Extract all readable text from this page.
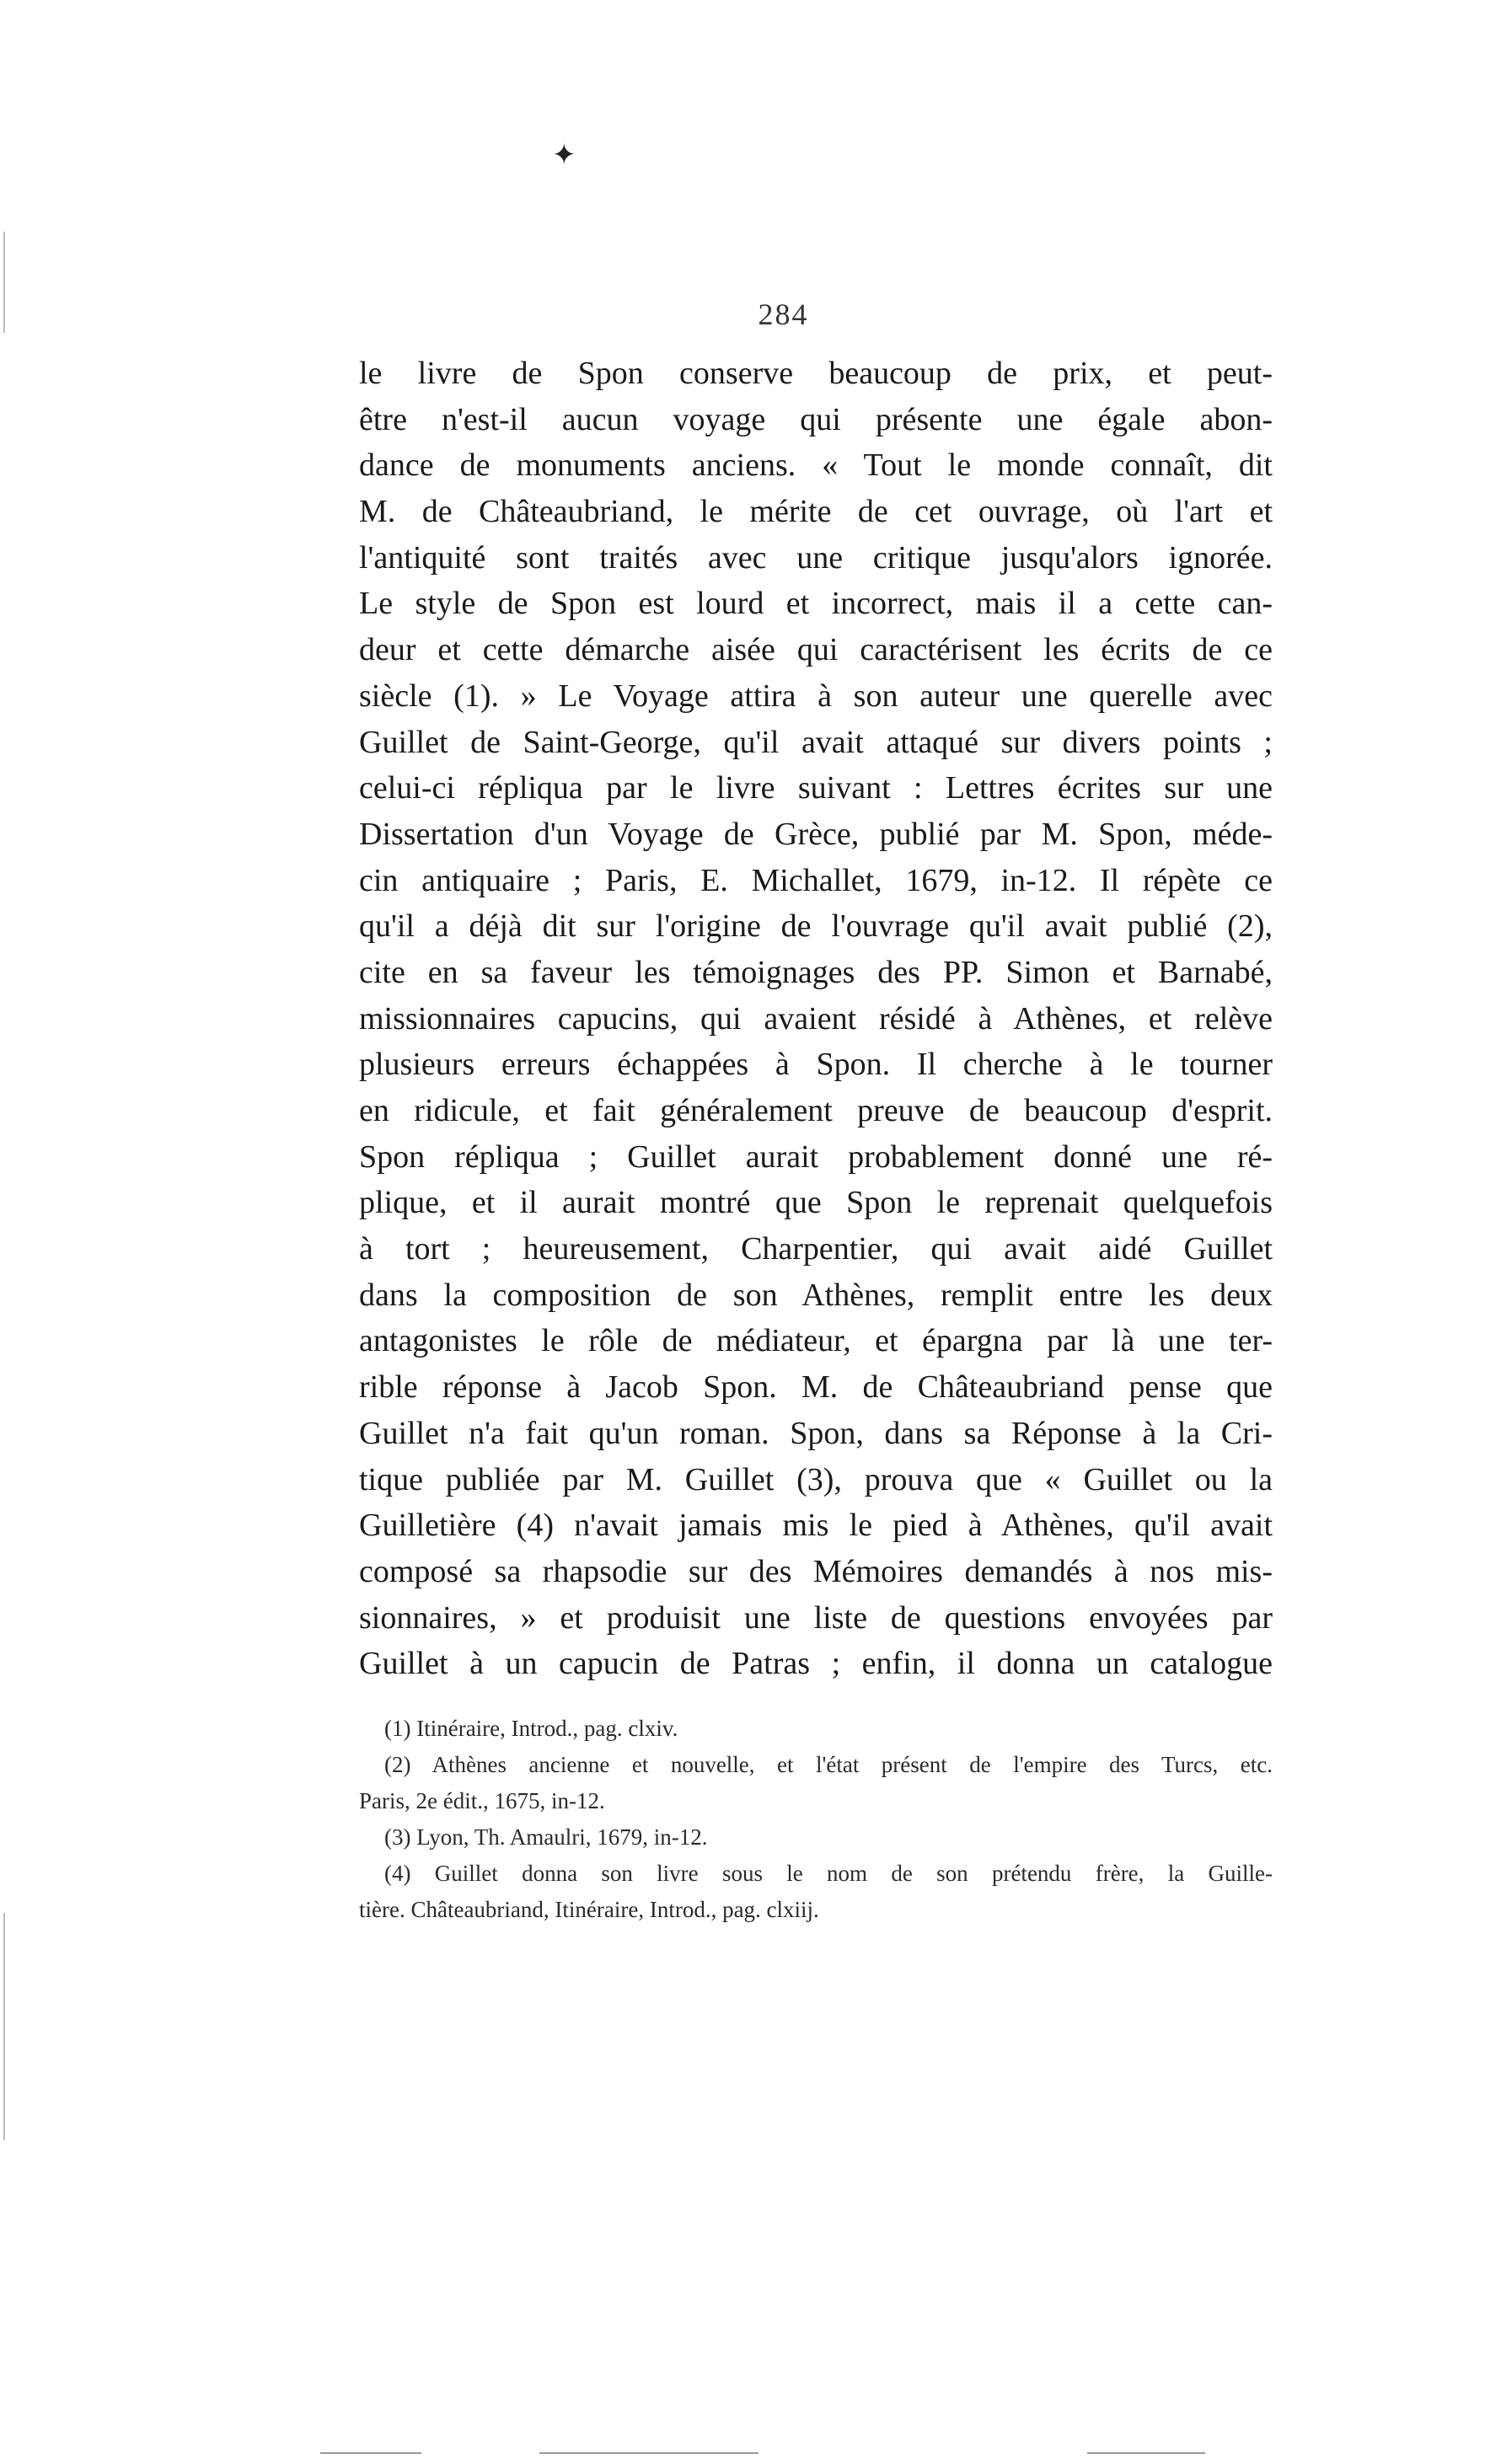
✦
284
le livre de Spon conserve beaucoup de prix, et peut-
être n'est-il aucun voyage qui présente une égale abon-
dance de monuments anciens. « Tout le monde connaît, dit
M. de Châteaubriand, le mérite de cet ouvrage, où l'art et
l'antiquité sont traités avec une critique jusqu'alors ignorée.
Le style de Spon est lourd et incorrect, mais il a cette can-
deur et cette démarche aisée qui caractérisent les écrits de ce
siècle (1). » Le Voyage attira à son auteur une querelle avec
Guillet de Saint-George, qu'il avait attaqué sur divers points ;
celui-ci répliqua par le livre suivant : Lettres écrites sur une
Dissertation d'un Voyage de Grèce, publié par M. Spon, méde-
cin antiquaire ; Paris, E. Michallet, 1679, in-12. Il répète ce
qu'il a déjà dit sur l'origine de l'ouvrage qu'il avait publié (2),
cite en sa faveur les témoignages des PP. Simon et Barnabé,
missionnaires capucins, qui avaient résidé à Athènes, et relève
plusieurs erreurs échappées à Spon. Il cherche à le tourner
en ridicule, et fait généralement preuve de beaucoup d'esprit.
Spon répliqua ; Guillet aurait probablement donné une ré-
plique, et il aurait montré que Spon le reprenait quelquefois
à tort ; heureusement, Charpentier, qui avait aidé Guillet
dans la composition de son Athènes, remplit entre les deux
antagonistes le rôle de médiateur, et épargna par là une ter-
rible réponse à Jacob Spon. M. de Châteaubriand pense que
Guillet n'a fait qu'un roman. Spon, dans sa Réponse à la Cri-
tique publiée par M. Guillet (3), prouva que « Guillet ou la
Guilletière (4) n'avait jamais mis le pied à Athènes, qu'il avait
composé sa rhapsodie sur des Mémoires demandés à nos mis-
sionnaires, » et produisit une liste de questions envoyées par
Guillet à un capucin de Patras ; enfin, il donna un catalogue
(1) Itinéraire, Introd., pag. clxiv.
(2) Athènes ancienne et nouvelle, et l'état présent de l'empire des Turcs, etc.
Paris, 2e édit., 1675, in-12.
(3) Lyon, Th. Amaulri, 1679, in-12.
(4) Guillet donna son livre sous le nom de son prétendu frère, la Guille-
tière. Châteaubriand, Itinéraire, Introd., pag. clxiij.
